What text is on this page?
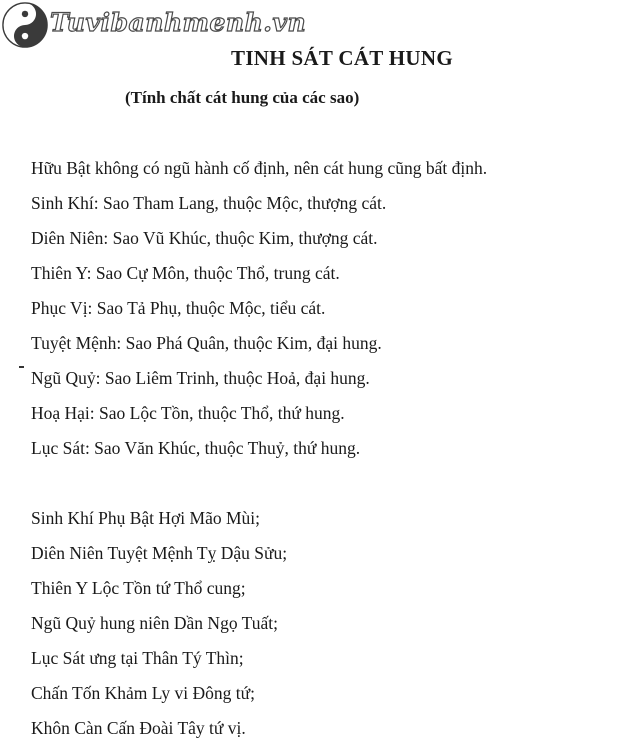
Tuvibanhmenh.vn
TINH SÁT CÁT HUNG
(Tính chất cát hung của các sao)

Hữu Bật không có ngũ hành cố định, nên cát hung cũng bất định.

Sinh Khí: Sao Tham Lang, thuộc Mộc, thượng cát.

Diên Niên: Sao Vũ Khúc, thuộc Kim, thượng cát.

Thiên Y: Sao Cự Môn, thuộc Thổ, trung cát.

Phục Vị: Sao Tả Phụ, thuộc Mộc, tiểu cát.

Tuyệt Mệnh: Sao Phá Quân, thuộc Kim, đại hung.

Ngũ Quỷ: Sao Liêm Trinh, thuộc Hoả, đại hung.

Hoạ Hại: Sao Lộc Tồn, thuộc Thổ, thứ hung.

Lục Sát: Sao Văn Khúc, thuộc Thuỷ, thứ hung.

Sinh Khí Phụ Bật Hợi Mão Mùi;

Diên Niên Tuyệt Mệnh Tỵ Dậu Sửu;

Thiên Y Lộc Tồn tứ Thổ cung;

Ngũ Quỷ hung niên Dần Ngọ Tuất;

Lục Sát ưng tại Thân Tý Thìn;

Chấn Tốn Khảm Ly vi Đông tứ;

Khôn Càn Cấn Đoài Tây tứ vị.
